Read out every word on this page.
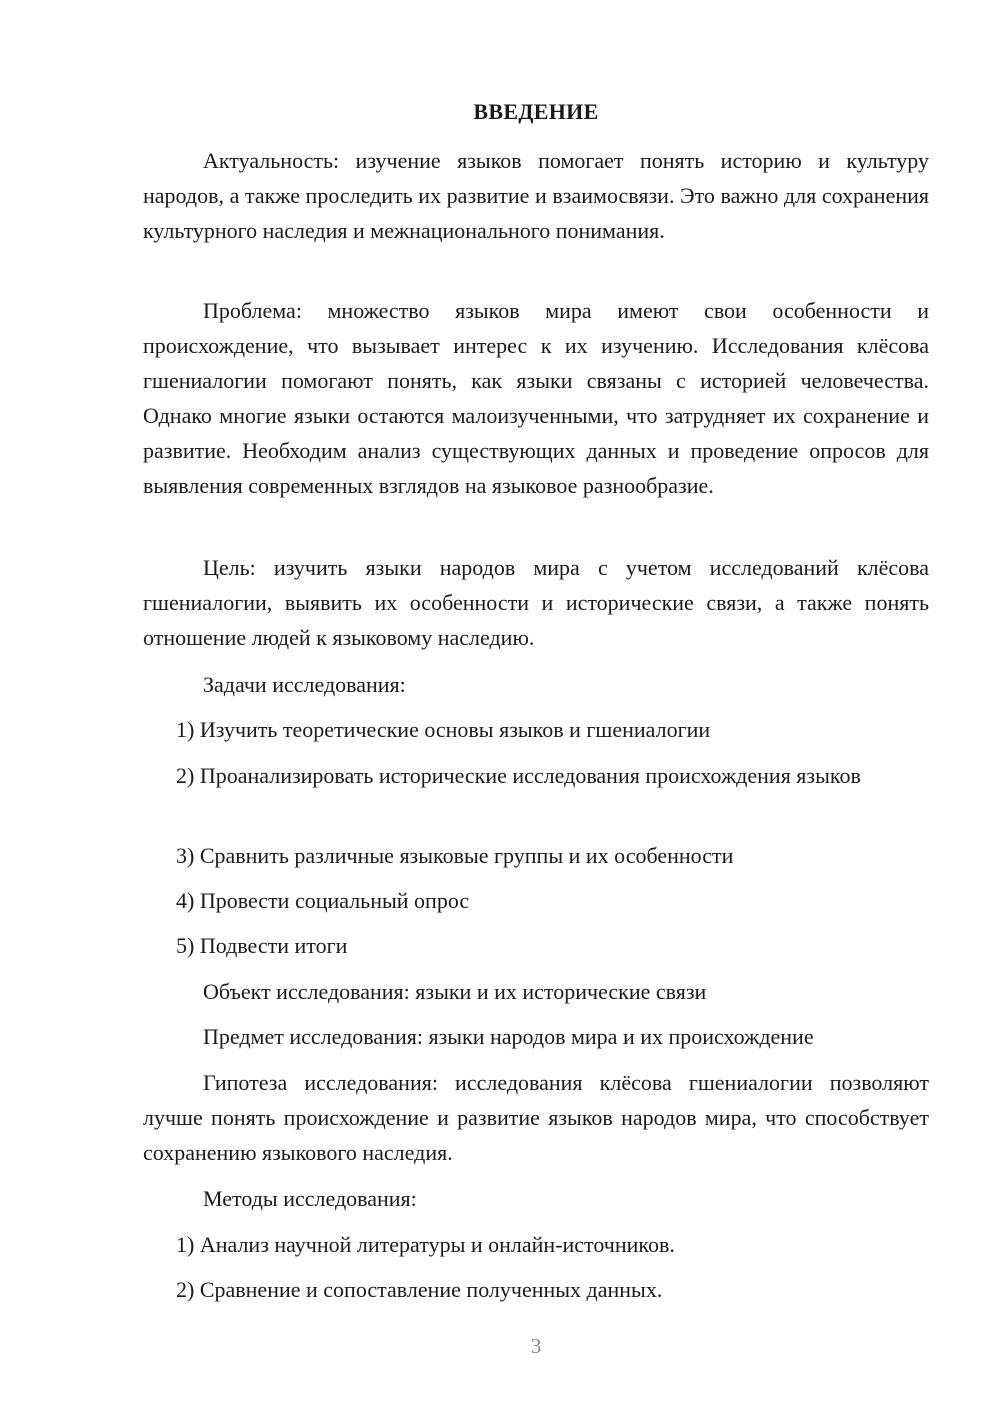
ВВЕДЕНИЕ

Актуальность: изучение языков помогает понять историю и культуру народов, а также проследить их развитие и взаимосвязи. Это важно для сохранения культурного наследия и межнационального понимания.

Проблема: множество языков мира имеют свои особенности и происхождение, что вызывает интерес к их изучению. Исследования клёсова гшениалогии помогают понять, как языки связаны с историей человечества. Однако многие языки остаются малоизученными, что затрудняет их сохранение и развитие. Необходим анализ существующих данных и проведение опросов для выявления современных взглядов на языковое разнообразие.

Цель: изучить языки народов мира с учетом исследований клёсова гшениалогии, выявить их особенности и исторические связи, а также понять отношение людей к языковому наследию.

Задачи исследования:

1) Изучить теоретические основы языков и гшениалогии

2) Проанализировать исторические исследования происхождения языков

3) Сравнить различные языковые группы и их особенности

4) Провести социальный опрос

5) Подвести итоги

Объект исследования: языки и их исторические связи

Предмет исследования: языки народов мира и их происхождение

Гипотеза исследования: исследования клёсова гшениалогии позволяют лучше понять происхождение и развитие языков народов мира, что способствует сохранению языкового наследия.

Методы исследования:

1) Анализ научной литературы и онлайн-источников.

2) Сравнение и сопоставление полученных данных.

3
